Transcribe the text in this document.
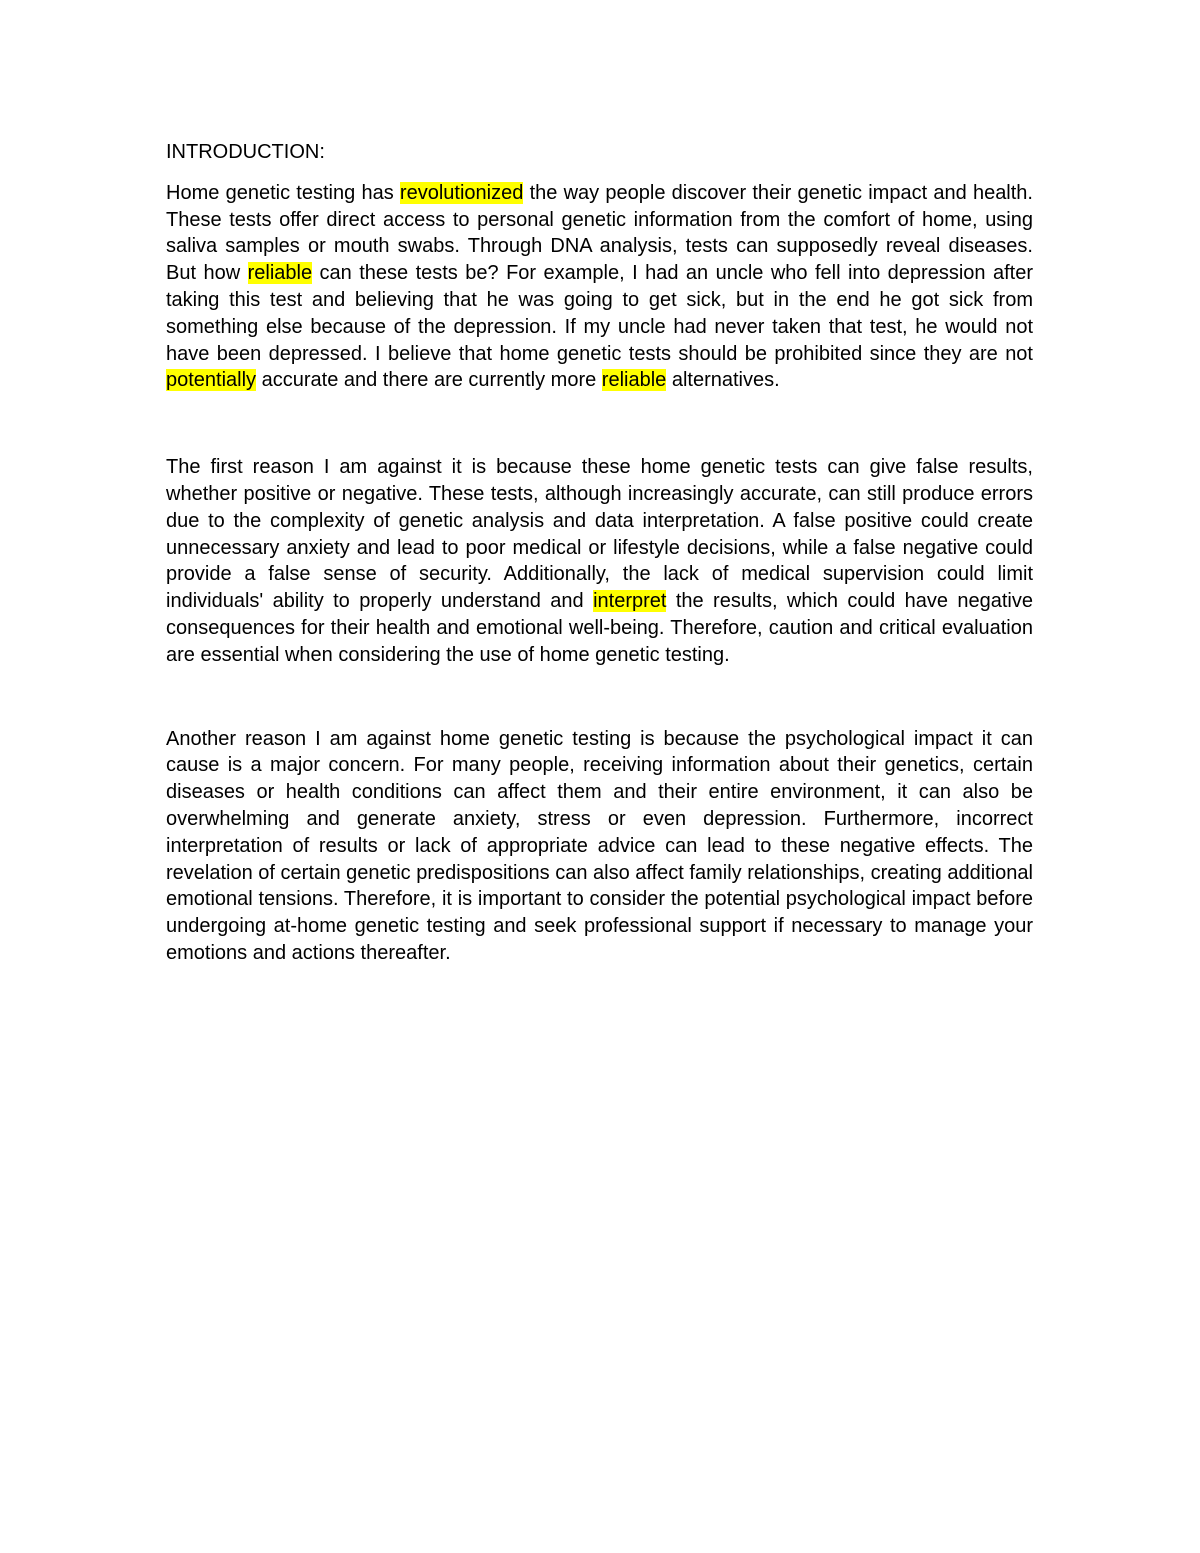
INTRODUCTION:

Home genetic testing has revolutionized the way people discover their genetic impact and health. These tests offer direct access to personal genetic information from the comfort of home, using saliva samples or mouth swabs. Through DNA analysis, tests can supposedly reveal diseases. But how reliable can these tests be? For example, I had an uncle who fell into depression after taking this test and believing that he was going to get sick, but in the end he got sick from something else because of the depression. If my uncle had never taken that test, he would not have been depressed. I believe that home genetic tests should be prohibited since they are not potentially accurate and there are currently more reliable alternatives.

The first reason I am against it is because these home genetic tests can give false results, whether positive or negative. These tests, although increasingly accurate, can still produce errors due to the complexity of genetic analysis and data interpretation. A false positive could create unnecessary anxiety and lead to poor medical or lifestyle decisions, while a false negative could provide a false sense of security. Additionally, the lack of medical supervision could limit individuals' ability to properly understand and interpret the results, which could have negative consequences for their health and emotional well-being. Therefore, caution and critical evaluation are essential when considering the use of home genetic testing.

Another reason I am against home genetic testing is because the psychological impact it can cause is a major concern. For many people, receiving information about their genetics, certain diseases or health conditions can affect them and their entire environment, it can also be overwhelming and generate anxiety, stress or even depression. Furthermore, incorrect interpretation of results or lack of appropriate advice can lead to these negative effects. The revelation of certain genetic predispositions can also affect family relationships, creating additional emotional tensions. Therefore, it is important to consider the potential psychological impact before undergoing at-home genetic testing and seek professional support if necessary to manage your emotions and actions thereafter.
